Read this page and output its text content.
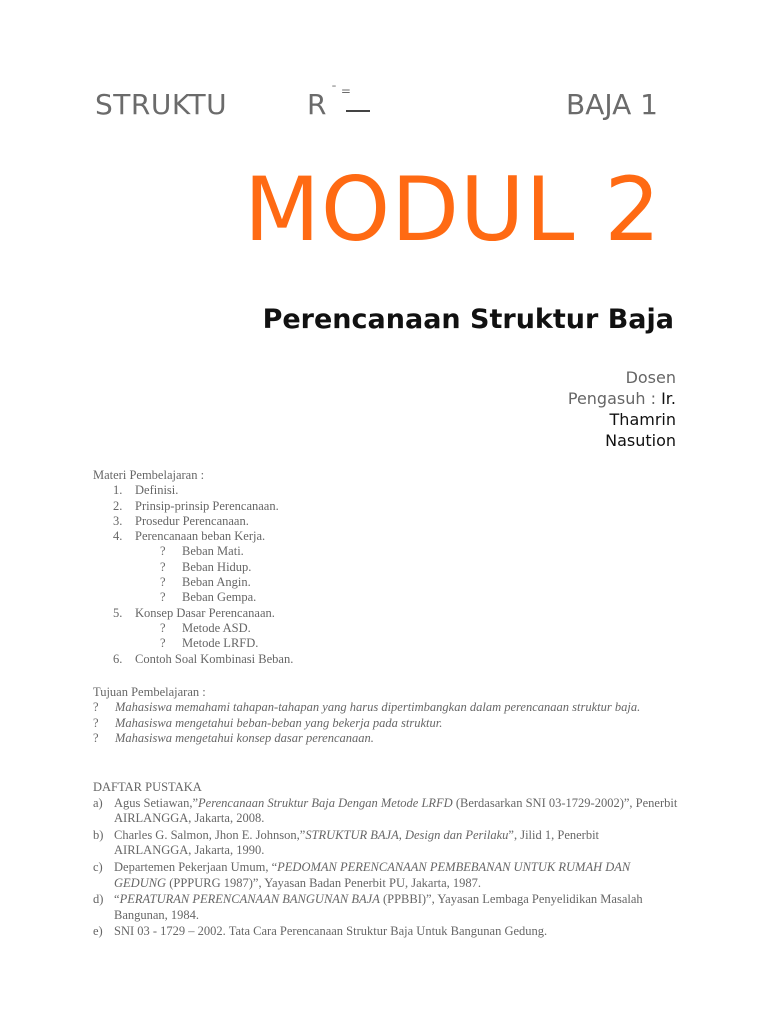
STRUKTU	R ¯ =	BAJA 1
MODUL 2
Perencanaan Struktur Baja
Dosen
Pengasuh : Ir.
Thamrin
Nasution
Materi Pembelajaran :
1. Definisi.
2. Prinsip-prinsip Perencanaan.
3. Prosedur Perencanaan.
4. Perencanaan beban Kerja.
? Beban Mati.
? Beban Hidup.
? Beban Angin.
? Beban Gempa.
5. Konsep Dasar Perencanaan.
? Metode ASD.
? Metode LRFD.
6. Contoh Soal Kombinasi Beban.
Tujuan Pembelajaran :
? Mahasiswa memahami tahapan-tahapan yang harus dipertimbangkan dalam perencanaan struktur baja.
? Mahasiswa mengetahui beban-beban yang bekerja pada struktur.
? Mahasiswa mengetahui konsep dasar perencanaan.
DAFTAR PUSTAKA
a) Agus Setiawan,”Perencanaan Struktur Baja Dengan Metode LRFD (Berdasarkan SNI 03-1729-2002)”, Penerbit AIRLANGGA, Jakarta, 2008.
b) Charles G. Salmon, Jhon E. Johnson,”STRUKTUR BAJA, Design dan Perilaku”, Jilid 1, Penerbit AIRLANGGA, Jakarta, 1990.
c) Departemen Pekerjaan Umum, “PEDOMAN PERENCANAAN PEMBEBANAN UNTUK RUMAH DAN GEDUNG (PPPURG 1987)”, Yayasan Badan Penerbit PU, Jakarta, 1987.
d) “PERATURAN PERENCANAAN BANGUNAN BAJA (PPBBI)”, Yayasan Lembaga Penyelidikan Masalah Bangunan, 1984.
e) SNI 03 - 1729 – 2002. Tata Cara Perencanaan Struktur Baja Untuk Bangunan Gedung.
